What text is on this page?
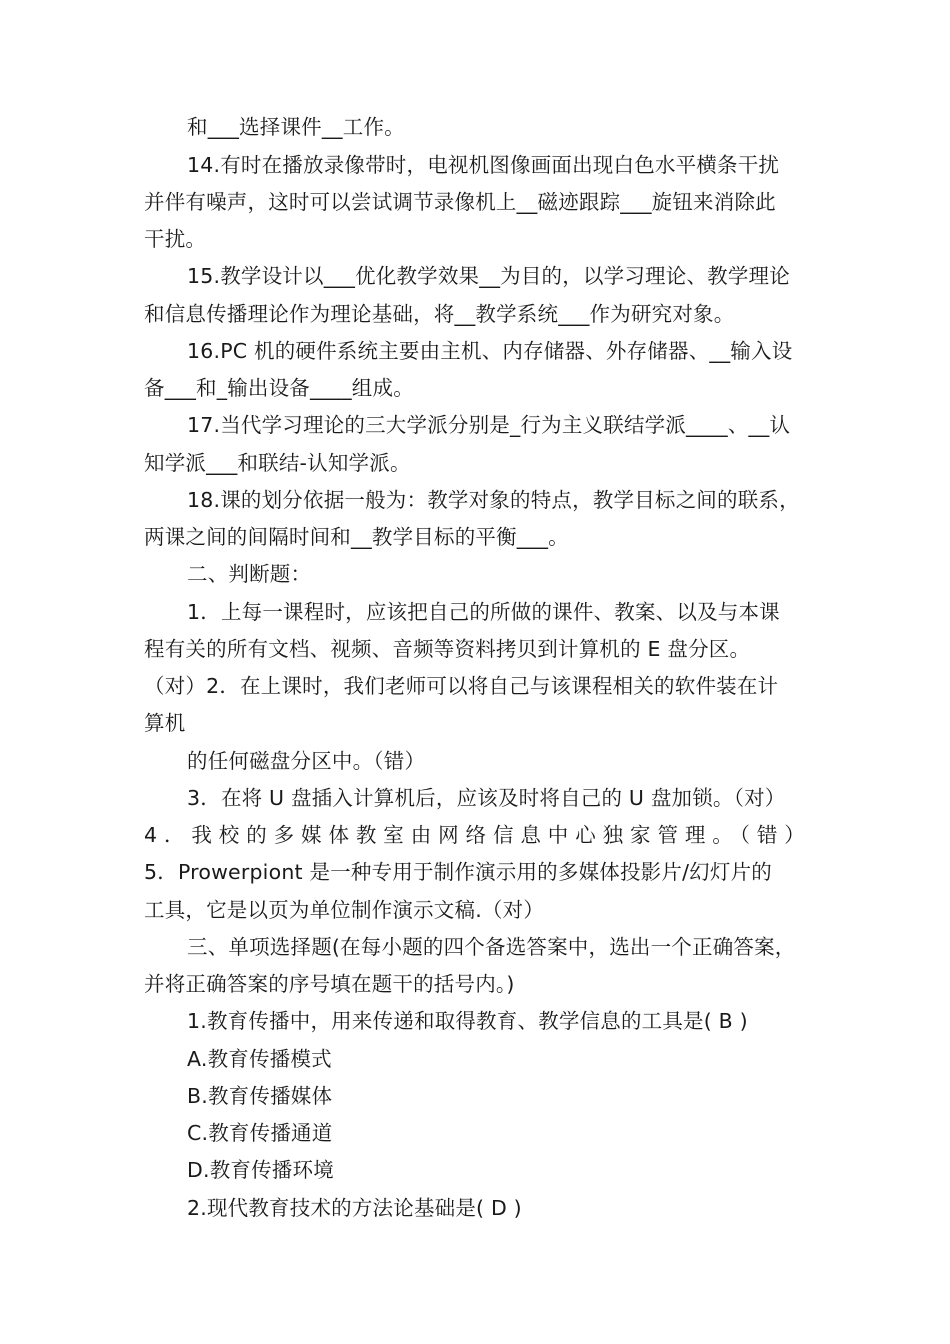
和___选择课件__工作。
14.有时在播放录像带时，电视机图像画面出现白色水平横条干扰
并伴有噪声，这时可以尝试调节录像机上__磁迹跟踪___旋钮来消除此
干扰。
15.教学设计以___优化教学效果__为目的，以学习理论、教学理论
和信息传播理论作为理论基础，将__教学系统___作为研究对象。
16.PC 机的硬件系统主要由主机、内存储器、外存储器、__输入设
备___和_输出设备____组成。
17.当代学习理论的三大学派分别是_行为主义联结学派____、__认
知学派___和联结-认知学派。
18.课的划分依据一般为：教学对象的特点，教学目标之间的联系，
两课之间的间隔时间和__教学目标的平衡___。
二、判断题：
1．上每一课程时，应该把自己的所做的课件、教案、以及与本课
程有关的所有文档、视频、音频等资料拷贝到计算机的 E 盘分区。
（对）2．在上课时，我们老师可以将自己与该课程相关的软件装在计
算机
的任何磁盘分区中。（错）
3．在将 U 盘插入计算机后，应该及时将自己的 U 盘加锁。（对）
4．我校的多媒体教室由网络信息中心独家管理。（错）
5．Prowerpiont 是一种专用于制作演示用的多媒体投影片/幻灯片的
工具，它是以页为单位制作演示文稿.（对）
三、单项选择题(在每小题的四个备选答案中，选出一个正确答案，
并将正确答案的序号填在题干的括号内。)
1.教育传播中，用来传递和取得教育、教学信息的工具是( B )
A.教育传播模式
B.教育传播媒体
C.教育传播通道
D.教育传播环境
2.现代教育技术的方法论基础是( D )
